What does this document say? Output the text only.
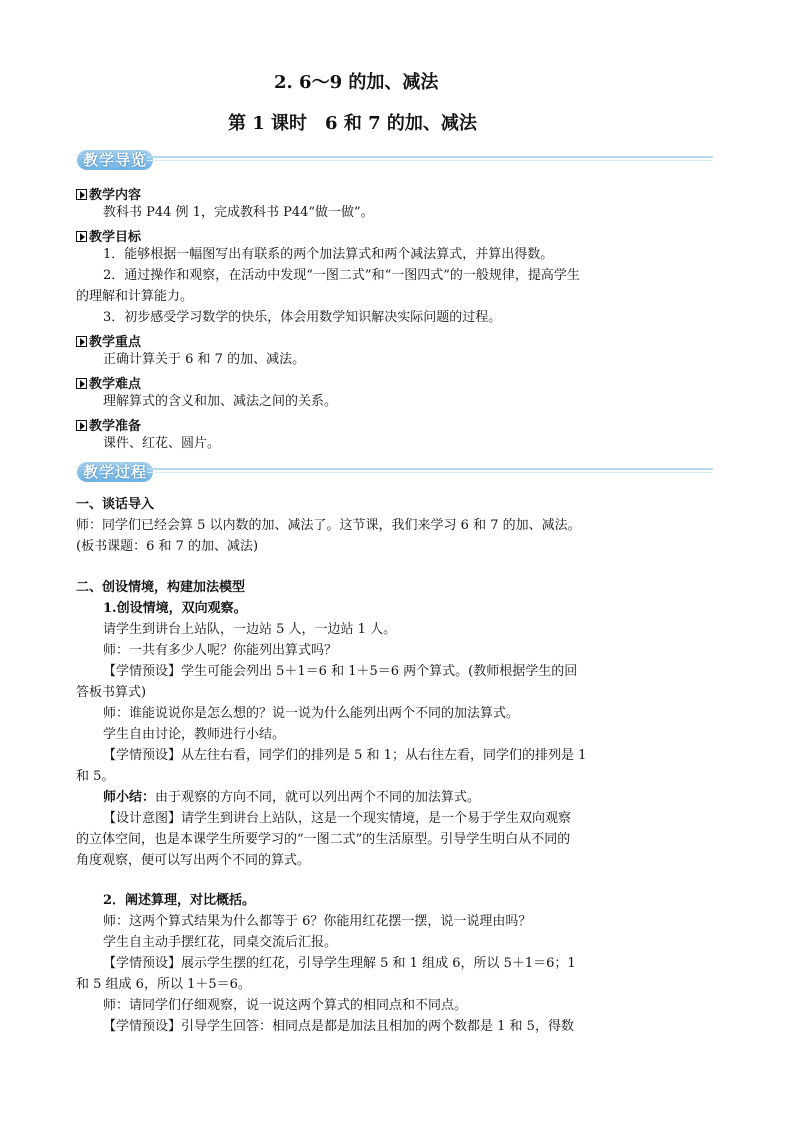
2. 6～9 的加、减法
第 1 课时　6 和 7 的加、减法
教学导览
教学内容
教科书 P44 例 1，完成教科书 P44“做一做”。
教学目标
1．能够根据一幅图写出有联系的两个加法算式和两个减法算式，并算出得数。
2．通过操作和观察，在活动中发现“一图二式”和“一图四式”的一般规律，提高学生
的理解和计算能力。
3．初步感受学习数学的快乐，体会用数学知识解决实际问题的过程。
教学重点
正确计算关于 6 和 7 的加、减法。
教学难点
理解算式的含义和加、减法之间的关系。
教学准备
课件、红花、圆片。
教学过程
一、谈话导入
师：同学们已经会算 5 以内数的加、减法了。这节课，我们来学习 6 和 7 的加、减法。
(板书课题：6 和 7 的加、减法)
二、创设情境，构建加法模型
1.创设情境，双向观察。
请学生到讲台上站队，一边站 5 人，一边站 1 人。
师：一共有多少人呢？你能列出算式吗？
【学情预设】学生可能会列出 5＋1＝6 和 1＋5＝6 两个算式。(教师根据学生的回
答板书算式)
师：谁能说说你是怎么想的？说一说为什么能列出两个不同的加法算式。
学生自由讨论，教师进行小结。
【学情预设】从左往右看，同学们的排列是 5 和 1；从右往左看，同学们的排列是 1
和 5。
师小结：由于观察的方向不同，就可以列出两个不同的加法算式。
【设计意图】请学生到讲台上站队，这是一个现实情境，是一个易于学生双向观察
的立体空间，也是本课学生所要学习的“一图二式”的生活原型。引导学生明白从不同的
角度观察，便可以写出两个不同的算式。
2．阐述算理，对比概括。
师：这两个算式结果为什么都等于 6？你能用红花摆一摆，说一说理由吗？
学生自主动手摆红花，同桌交流后汇报。
【学情预设】展示学生摆的红花，引导学生理解 5 和 1 组成 6，所以 5＋1＝6；1
和 5 组成 6，所以 1＋5＝6。
师：请同学们仔细观察，说一说这两个算式的相同点和不同点。
【学情预设】引导学生回答：相同点是都是加法且相加的两个数都是 1 和 5，得数
